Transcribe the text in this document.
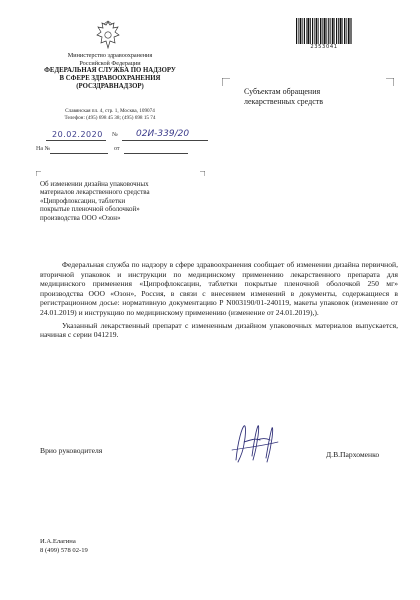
Министерство здравоохранения
Российской Федерации
ФЕДЕРАЛЬНАЯ СЛУЖБА ПО НАДЗОРУ
В СФЕРЕ ЗДРАВООХРАНЕНИЯ
(РОСЗДРАВНАДЗОР)
Славянская пл. 4, стр. 1, Москва, 109074
Телефон: (495) 698 45 38; (495) 698 15 74
20.02.2020 № 02И-339/20
На №	от
2353041
Субъектам обращения
лекарственных средств
Об изменении дизайна упаковочных
материалов лекарственного средства
«Ципрофлоксацин, таблетки
покрытые пленочной оболочкой»
производства ООО «Озон»

Федеральная служба по надзору в сфере здравоохранения сообщает об изменении дизайна первичной, вторичной упаковок и инструкции по медицинскому применению лекарственного препарата для медицинского применения «Ципрофлоксацин, таблетки покрытые пленочной оболочкой 250 мг» производства ООО «Озон», Россия, в связи с внесением изменений в документы, содержащиеся в регистрационном досье: нормативную документацию Р N003190/01-240119, макеты упаковок (изменение от 24.01.2019) и инструкцию по медицинскому применению (изменение от 24.01.2019),).

Указанный лекарственный препарат с измененным дизайном упаковочных материалов выпускается, начиная с серии 041219.

Врио руководителя	Д.В.Пархоменко
И.А.Елагина
8 (499) 578 02-19
